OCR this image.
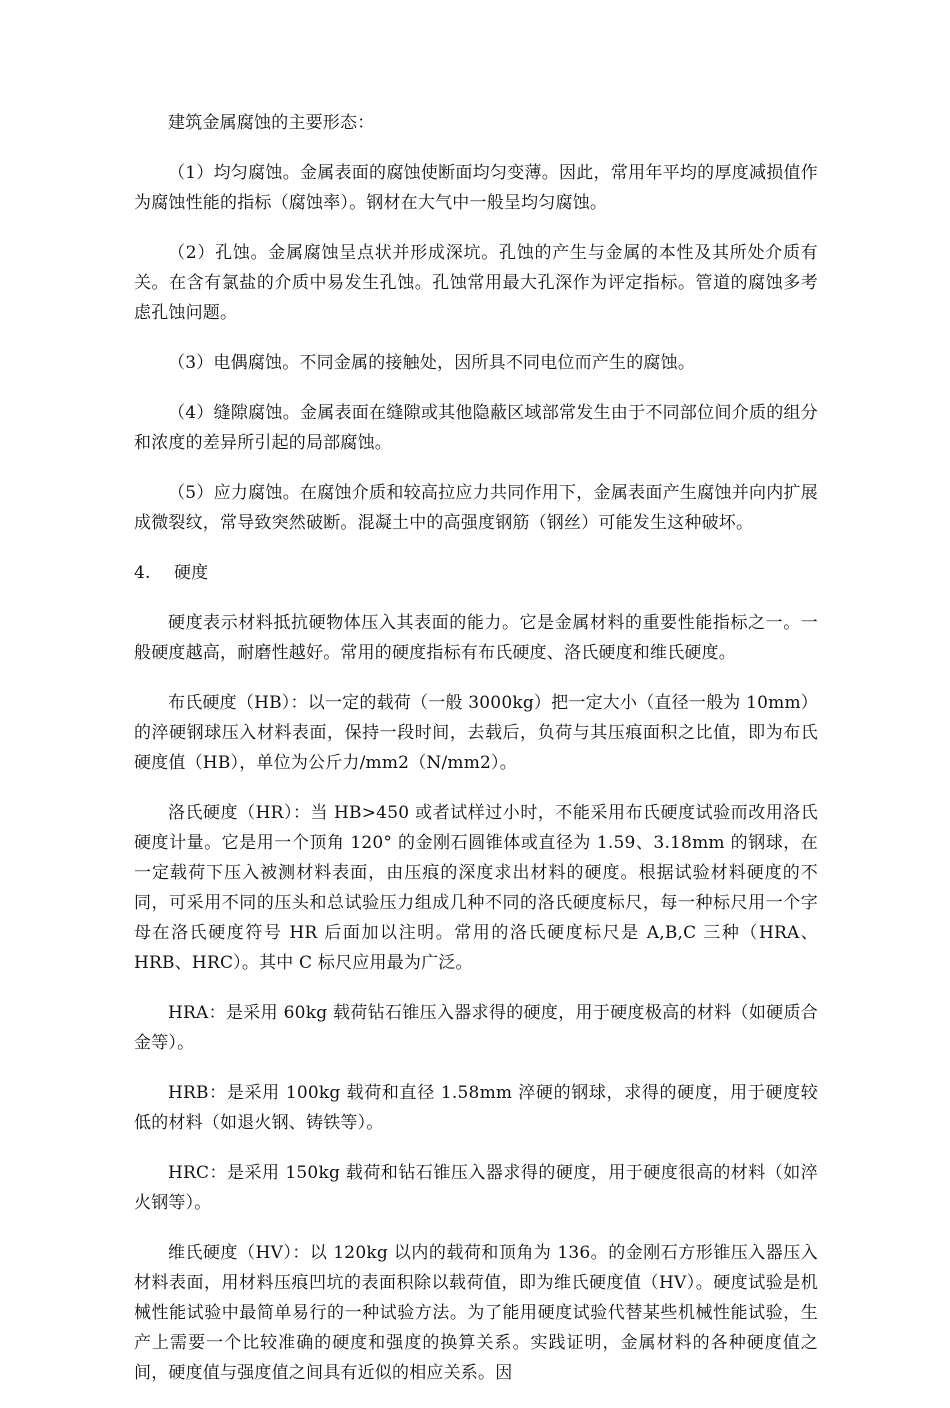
建筑金属腐蚀的主要形态：

（1）均匀腐蚀。金属表面的腐蚀使断面均匀变薄。因此，常用年平均的厚度减损值作为腐蚀性能的指标（腐蚀率）。钢材在大气中一般呈均匀腐蚀。

（2）孔蚀。金属腐蚀呈点状并形成深坑。孔蚀的产生与金属的本性及其所处介质有关。在含有氯盐的介质中易发生孔蚀。孔蚀常用最大孔深作为评定指标。管道的腐蚀多考虑孔蚀问题。

（3）电偶腐蚀。不同金属的接触处，因所具不同电位而产生的腐蚀。

（4）缝隙腐蚀。金属表面在缝隙或其他隐蔽区域部常发生由于不同部位间介质的组分和浓度的差异所引起的局部腐蚀。

（5）应力腐蚀。在腐蚀介质和较高拉应力共同作用下，金属表面产生腐蚀并向内扩展成微裂纹，常导致突然破断。混凝土中的高强度钢筋（钢丝）可能发生这种破坏。

4. 硬度

硬度表示材料抵抗硬物体压入其表面的能力。它是金属材料的重要性能指标之一。一般硬度越高，耐磨性越好。常用的硬度指标有布氏硬度、洛氏硬度和维氏硬度。

布氏硬度（HB）：以一定的载荷（一般 3000kg）把一定大小（直径一般为 10mm）的淬硬钢球压入材料表面，保持一段时间，去载后，负荷与其压痕面积之比值，即为布氏硬度值（HB），单位为公斤力/mm2（N/mm2）。

洛氏硬度（HR）：当 HB>450 或者试样过小时，不能采用布氏硬度试验而改用洛氏硬度计量。它是用一个顶角 120° 的金刚石圆锥体或直径为 1.59、3.18mm 的钢球，在一定载荷下压入被测材料表面，由压痕的深度求出材料的硬度。根据试验材料硬度的不同，可采用不同的压头和总试验压力组成几种不同的洛氏硬度标尺，每一种标尺用一个字母在洛氏硬度符号 HR 后面加以注明。常用的洛氏硬度标尺是 A,B,C 三种（HRA、HRB、HRC）。其中 C 标尺应用最为广泛。

HRA：是采用 60kg 载荷钻石锥压入器求得的硬度，用于硬度极高的材料（如硬质合金等）。

HRB：是采用 100kg 载荷和直径 1.58mm 淬硬的钢球，求得的硬度，用于硬度较低的材料（如退火钢、铸铁等）。

HRC：是采用 150kg 载荷和钻石锥压入器求得的硬度，用于硬度很高的材料（如淬火钢等）。

维氏硬度（HV）：以 120kg 以内的载荷和顶角为 136。的金刚石方形锥压入器压入材料表面，用材料压痕凹坑的表面积除以载荷值，即为维氏硬度值（HV）。硬度试验是机械性能试验中最简单易行的一种试验方法。为了能用硬度试验代替某些机械性能试验，生产上需要一个比较准确的硬度和强度的换算关系。实践证明，金属材料的各种硬度值之间，硬度值与强度值之间具有近似的相应关系。因
